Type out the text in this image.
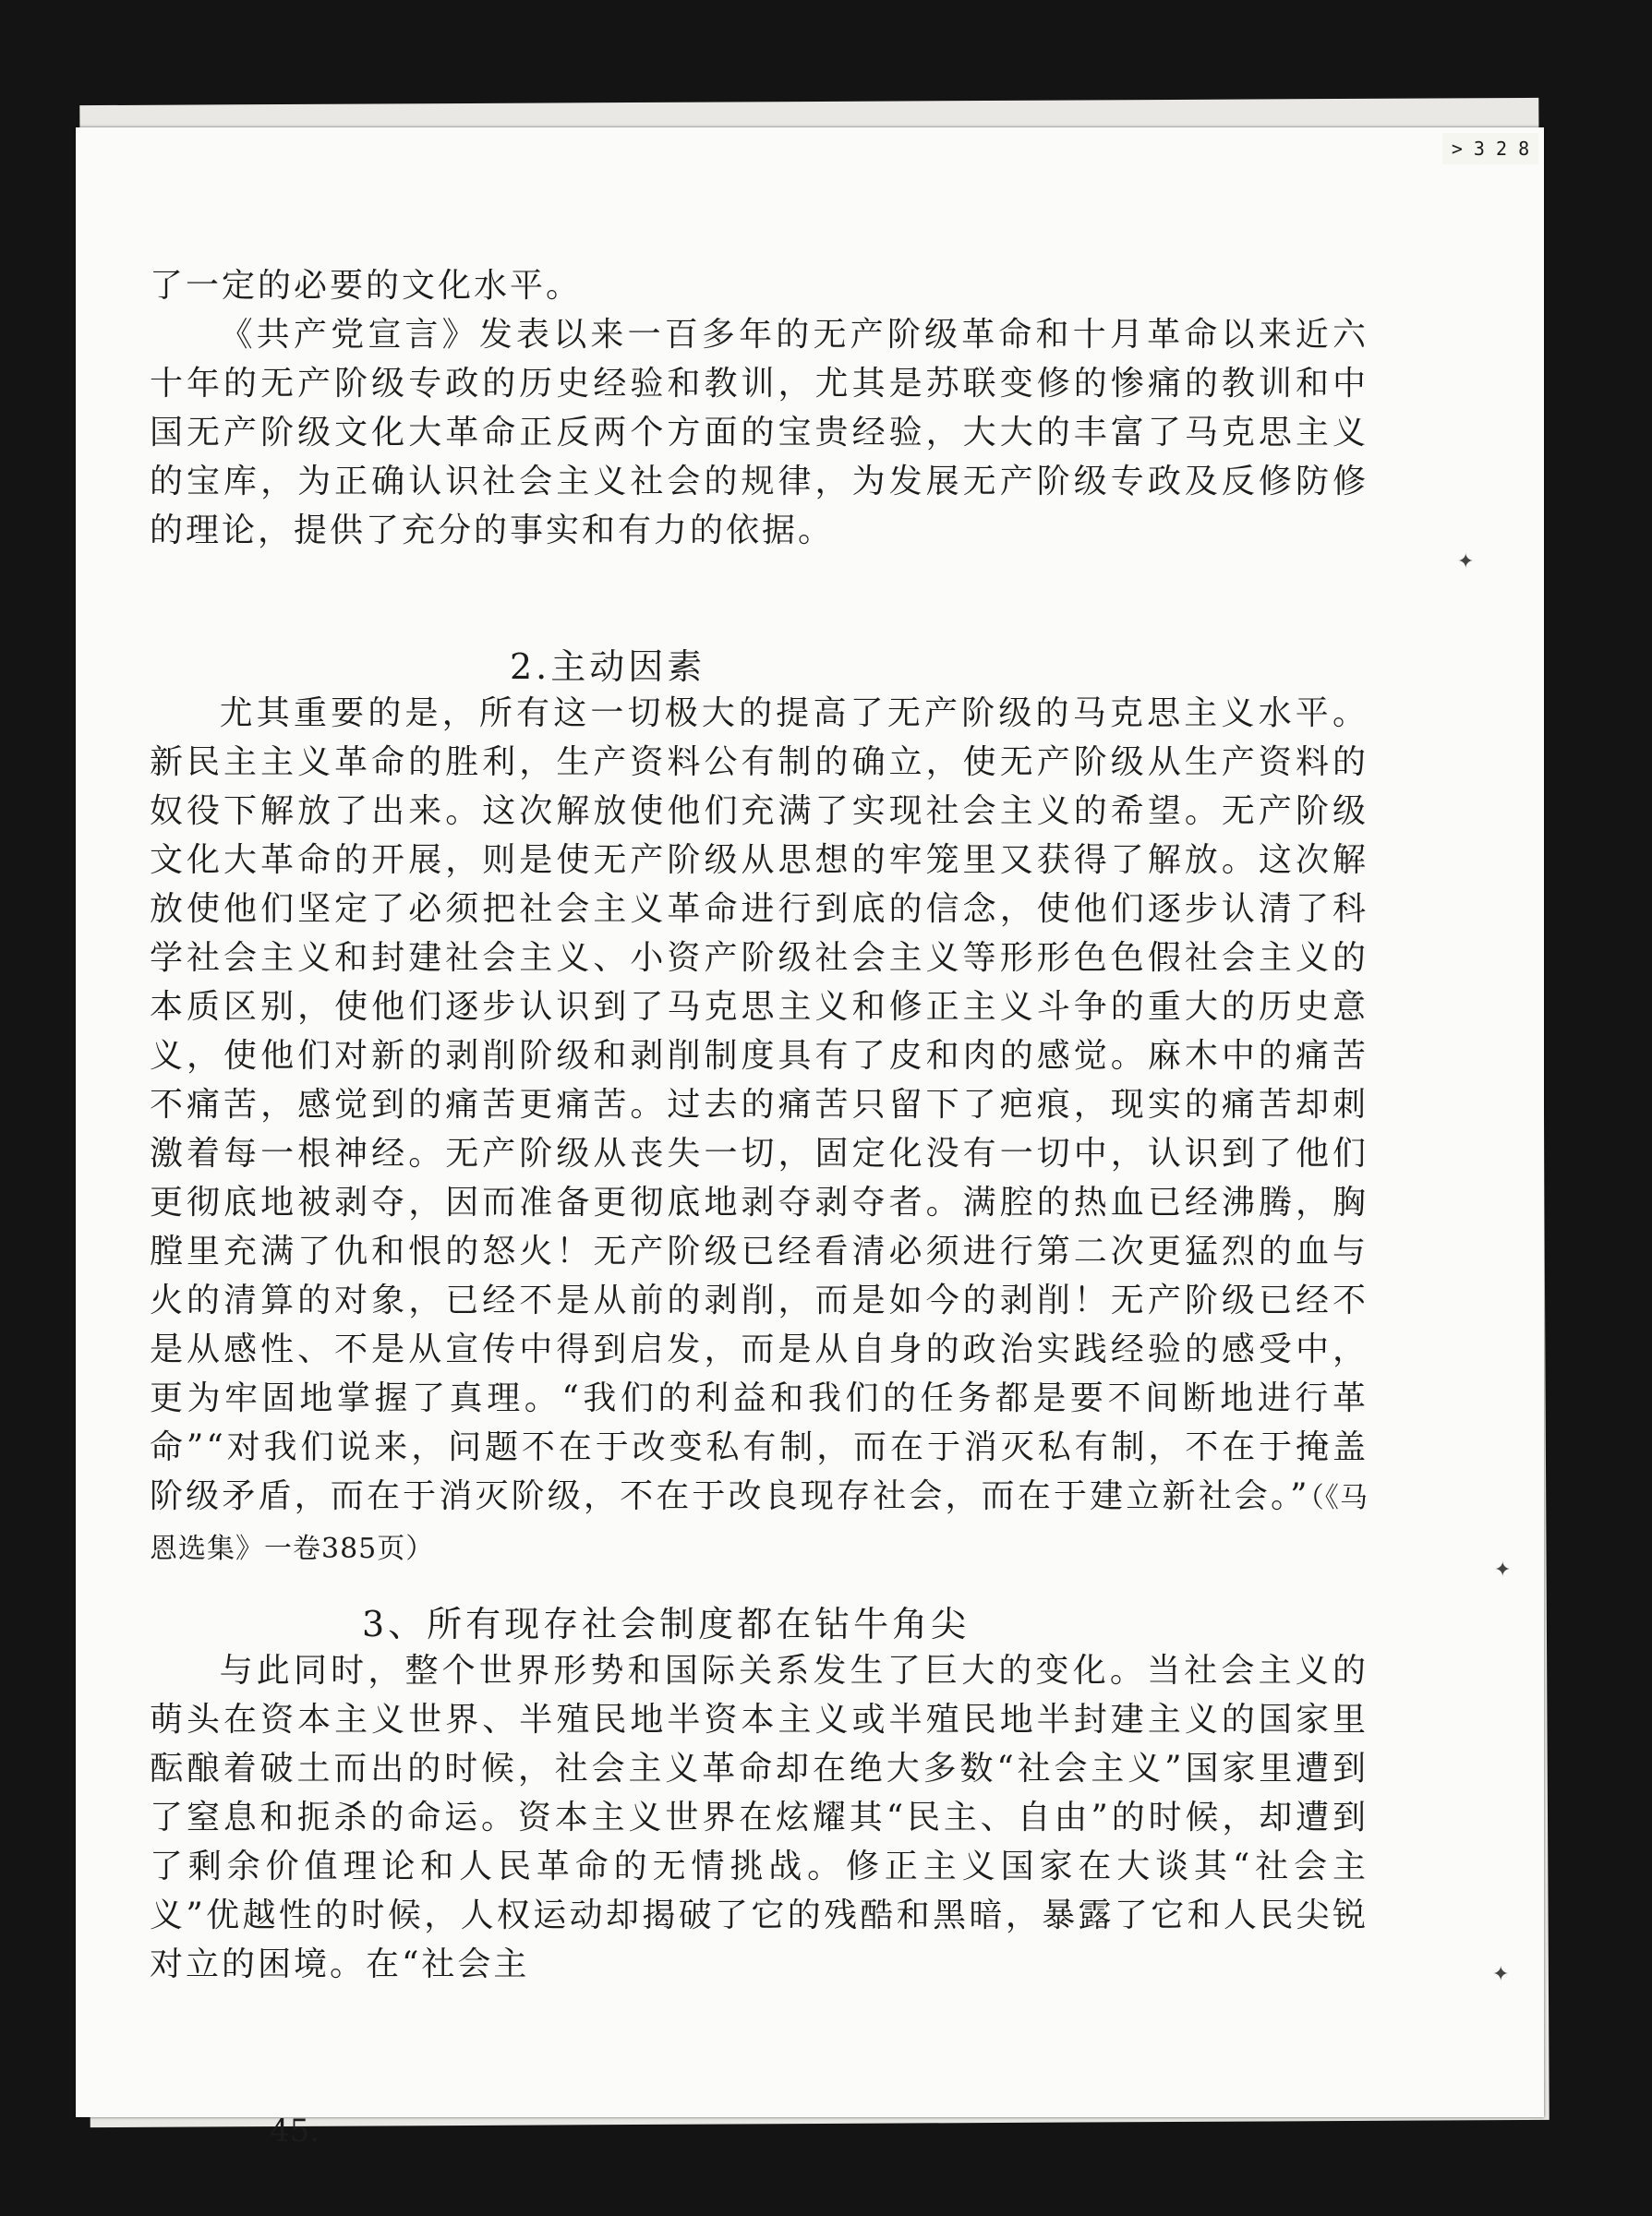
> 3 2 8

了一定的必要的文化水平。

《共产党宣言》发表以来一百多年的无产阶级革命和十月革命以来近六十年的无产阶级专政的历史经验和教训，尤其是苏联变修的惨痛的教训和中国无产阶级文化大革命正反两个方面的宝贵经验，大大的丰富了马克思主义的宝库，为正确认识社会主义社会的规律，为发展无产阶级专政及反修防修的理论，提供了充分的事实和有力的依据。

2.主动因素

尤其重要的是，所有这一切极大的提高了无产阶级的马克思主义水平。新民主主义革命的胜利，生产资料公有制的确立，使无产阶级从生产资料的奴役下解放了出来。这次解放使他们充满了实现社会主义的希望。无产阶级文化大革命的开展，则是使无产阶级从思想的牢笼里又获得了解放。这次解放使他们坚定了必须把社会主义革命进行到底的信念，使他们逐步认清了科学社会主义和封建社会主义、小资产阶级社会主义等形形色色假社会主义的本质区别，使他们逐步认识到了马克思主义和修正主义斗争的重大的历史意义，使他们对新的剥削阶级和剥削制度具有了皮和肉的感觉。麻木中的痛苦不痛苦，感觉到的痛苦更痛苦。过去的痛苦只留下了疤痕，现实的痛苦却刺激着每一根神经。无产阶级从丧失一切，固定化没有一切中，认识到了他们更彻底地被剥夺，因而准备更彻底地剥夺剥夺者。满腔的热血已经沸腾，胸膛里充满了仇和恨的怒火！无产阶级已经看清必须进行第二次更猛烈的血与火的清算的对象，已经不是从前的剥削，而是如今的剥削！无产阶级已经不是从感性、不是从宣传中得到启发，而是从自身的政治实践经验的感受中，更为牢固地掌握了真理。“我们的利益和我们的任务都是要不间断地进行革命”“对我们说来，问题不在于改变私有制，而在于消灭私有制，不在于掩盖阶级矛盾，而在于消灭阶级，不在于改良现存社会，而在于建立新社会。”（《马恩选集》一卷385页）

3、所有现存社会制度都在钻牛角尖

与此同时，整个世界形势和国际关系发生了巨大的变化。当社会主义的萌头在资本主义世界、半殖民地半资本主义或半殖民地半封建主义的国家里酝酿着破土而出的时候，社会主义革命却在绝大多数“社会主义”国家里遭到了窒息和扼杀的命运。资本主义世界在炫耀其“民主、自由”的时候，却遭到了剩余价值理论和人民革命的无情挑战。修正主义国家在大谈其“社会主义”优越性的时候，人权运动却揭破了它的残酷和黑暗，暴露了它和人民尖锐对立的困境。在“社会主

45.
✦
✦
✦
